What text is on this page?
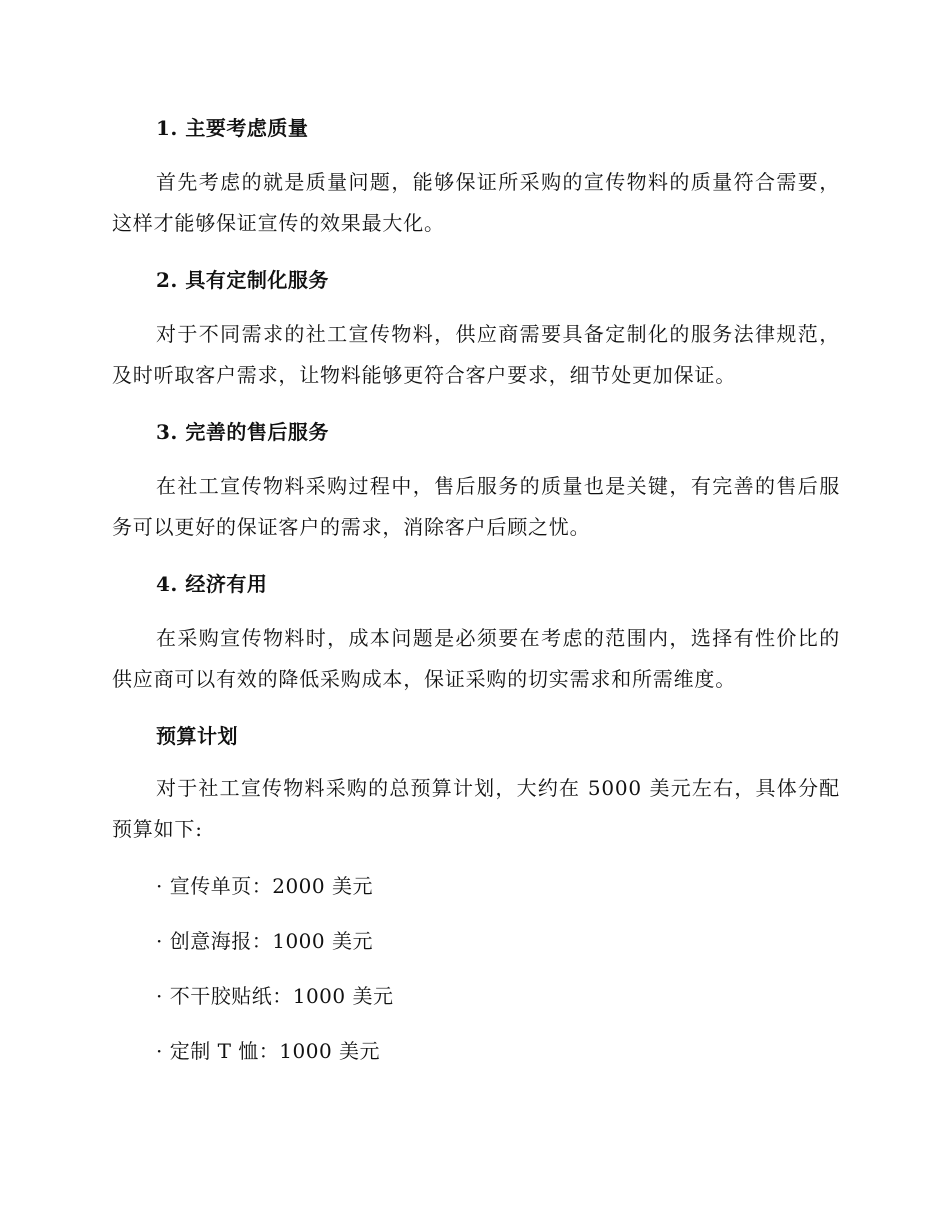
1. 主要考虑质量
首先考虑的就是质量问题，能够保证所采购的宣传物料的质量符合需要，这样才能够保证宣传的效果最大化。
2. 具有定制化服务
对于不同需求的社工宣传物料，供应商需要具备定制化的服务法律规范，及时听取客户需求，让物料能够更符合客户要求，细节处更加保证。
3. 完善的售后服务
在社工宣传物料采购过程中，售后服务的质量也是关键，有完善的售后服务可以更好的保证客户的需求，消除客户后顾之忧。
4. 经济有用
在采购宣传物料时，成本问题是必须要在考虑的范围内，选择有性价比的供应商可以有效的降低采购成本，保证采购的切实需求和所需维度。
预算计划
对于社工宣传物料采购的总预算计划，大约在 5000 美元左右，具体分配预算如下:
· 宣传单页：2000 美元
· 创意海报：1000 美元
· 不干胶贴纸：1000 美元
· 定制 T 恤：1000 美元
